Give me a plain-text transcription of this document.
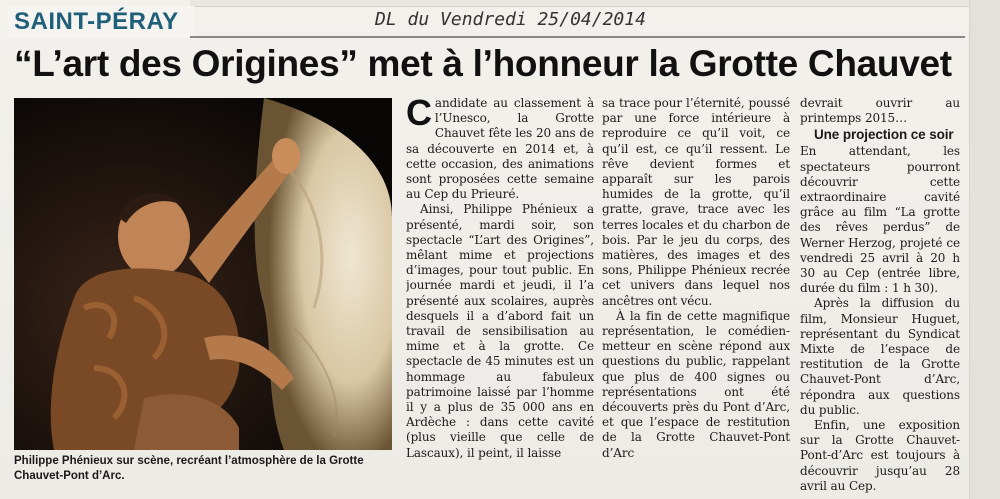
SAINT-PÉRAY	DL du Vendredi 25/04/2014
“L’art des Origines” met à l’honneur la Grotte Chauvet
Philippe Phénieux sur scène, recréant l’atmosphère de la Grotte Chauvet-Pont d’Arc.

Candidate au classement à l’Unesco, la Grotte Chauvet fête les 20 ans de sa découverte en 2014 et, à cette occasion, des animations sont proposées cette semaine au Cep du Prieuré.

Ainsi, Philippe Phénieux a présenté, mardi soir, son spectacle “L’art des Origines”, mêlant mime et projections d’images, pour tout public. En journée mardi et jeudi, il l’a présenté aux scolaires, auprès desquels il a d’abord fait un travail de sensibilisation au mime et à la grotte. Ce spectacle de 45 minutes est un hommage au fabuleux patrimoine laissé par l’homme il y a plus de 35 000 ans en Ardèche : dans cette cavité (plus vieille que celle de Lascaux), il peint, il laisse

sa trace pour l’éternité, poussé par une force intérieure à reproduire ce qu’il voit, ce qu’il est, ce qu’il ressent. Le rêve devient formes et apparaît sur les parois humides de la grotte, qu’il gratte, grave, trace avec les terres locales et du charbon de bois. Par le jeu du corps, des matières, des images et des sons, Philippe Phénieux recrée cet univers dans lequel nos ancêtres ont vécu.

À la fin de cette magnifique représentation, le comédien-metteur en scène répond aux questions du public, rappelant que plus de 400 signes ou représentations ont été découverts près du Pont d’Arc, et que l’espace de restitution de la Grotte Chauvet-Pont d’Arc

devrait ouvrir au printemps 2015…

Une projection ce soir

En attendant, les spectateurs pourront découvrir cette extraordinaire cavité grâce au film “La grotte des rêves perdus” de Werner Herzog, projeté ce vendredi 25 avril à 20 h 30 au Cep (entrée libre, durée du film : 1 h 30).

Après la diffusion du film, Monsieur Huguet, représentant du Syndicat Mixte de l’espace de restitution de la Grotte Chauvet-Pont d’Arc, répondra aux questions du public.

Enfin, une exposition sur la Grotte Chauvet-Pont-d’Arc est toujours à découvrir jusqu’au 28 avril au Cep.
